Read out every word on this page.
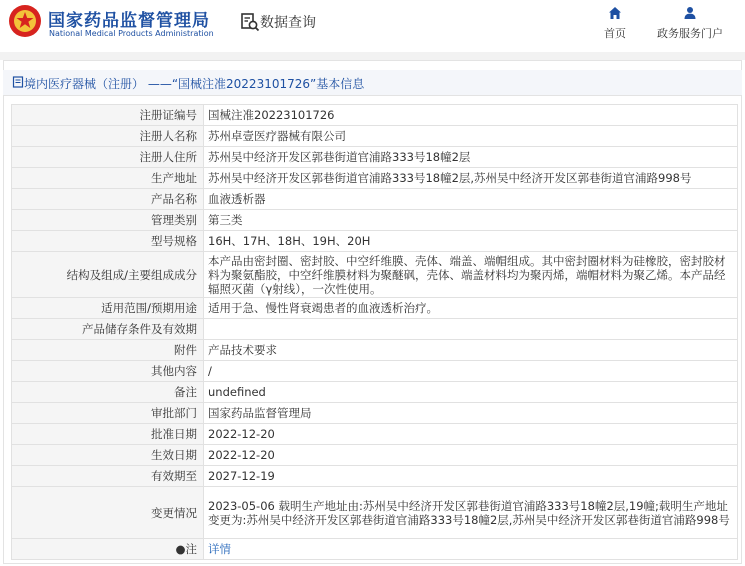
国家药品监督管理局
National Medical Products Administration
数据查询
首页	政务服务门户
境内医疗器械（注册） ——“国械注准20223101726”基本信息
注册证编号	国械注准20223101726
注册人名称	苏州卓壹医疗器械有限公司
注册人住所	苏州吴中经济开发区郭巷街道官浦路333号18幢2层
生产地址	苏州吴中经济开发区郭巷街道官浦路333号18幢2层,苏州吴中经济开发区郭巷街道官浦路998号
产品名称	血液透析器
管理类别	第三类
型号规格	16H、17H、18H、19H、20H
结构及组成/主要组成成分	本产品由密封圈、密封胶、中空纤维膜、壳体、端盖、端帽组成。其中密封圈材料为硅橡胶，密封胶材料为聚氨酯胶，中空纤维膜材料为聚醚砜，壳体、端盖材料均为聚丙烯，端帽材料为聚乙烯。本产品经辐照灭菌（γ射线），一次性使用。
适用范围/预期用途	适用于急、慢性肾衰竭患者的血液透析治疗。
产品储存条件及有效期	
附件	产品技术要求
其他内容	/
备注	undefined
审批部门	国家药品监督管理局
批准日期	2022-12-20
生效日期	2022-12-20
有效期至	2027-12-19
变更情况	2023-05-06 载明生产地址由:苏州吴中经济开发区郭巷街道官浦路333号18幢2层,19幢;载明生产地址变更为:苏州吴中经济开发区郭巷街道官浦路333号18幢2层,苏州吴中经济开发区郭巷街道官浦路998号
●注	详情
